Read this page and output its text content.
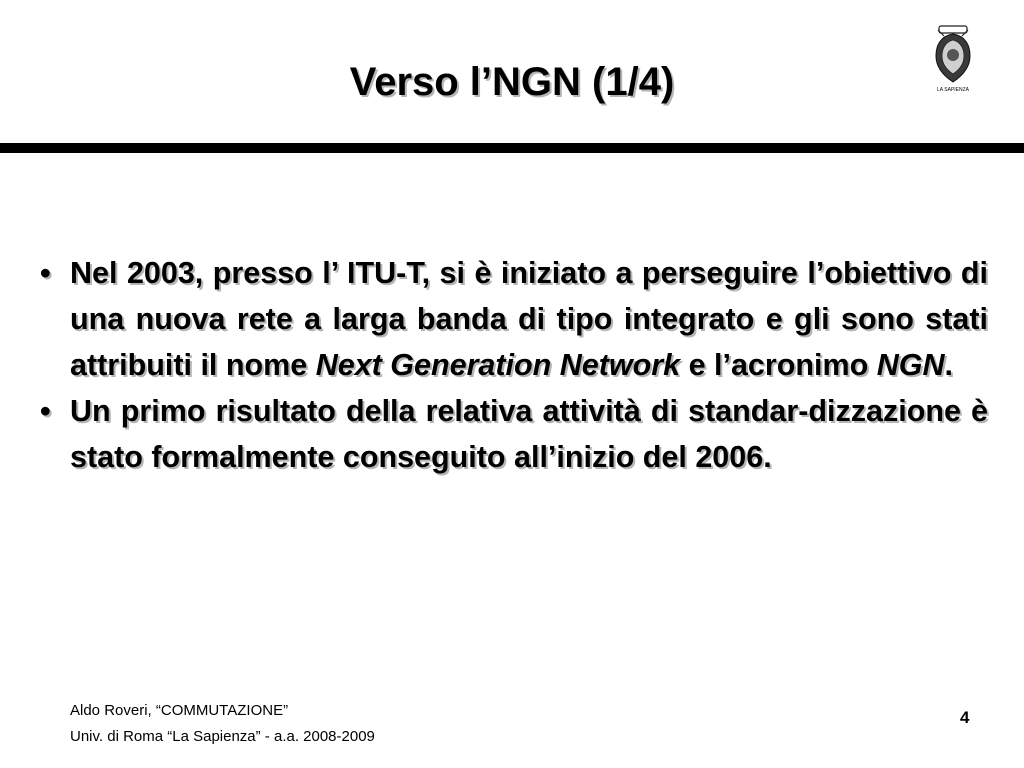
Verso l’NGN (1/4)	LA SAPIENZA
• Nel 2003, presso l’ ITU-T, si è iniziato a perseguire l’obiettivo di una nuova rete a larga banda di tipo integrato e gli sono stati attribuiti il nome Next Generation Network e l’acronimo NGN.
• Un primo risultato della relativa attività di standar-dizzazione è stato formalmente conseguito all’inizio del 2006.
Aldo Roveri, “COMMUTAZIONE”
Univ. di Roma “La Sapienza” - a.a. 2008-2009
4
